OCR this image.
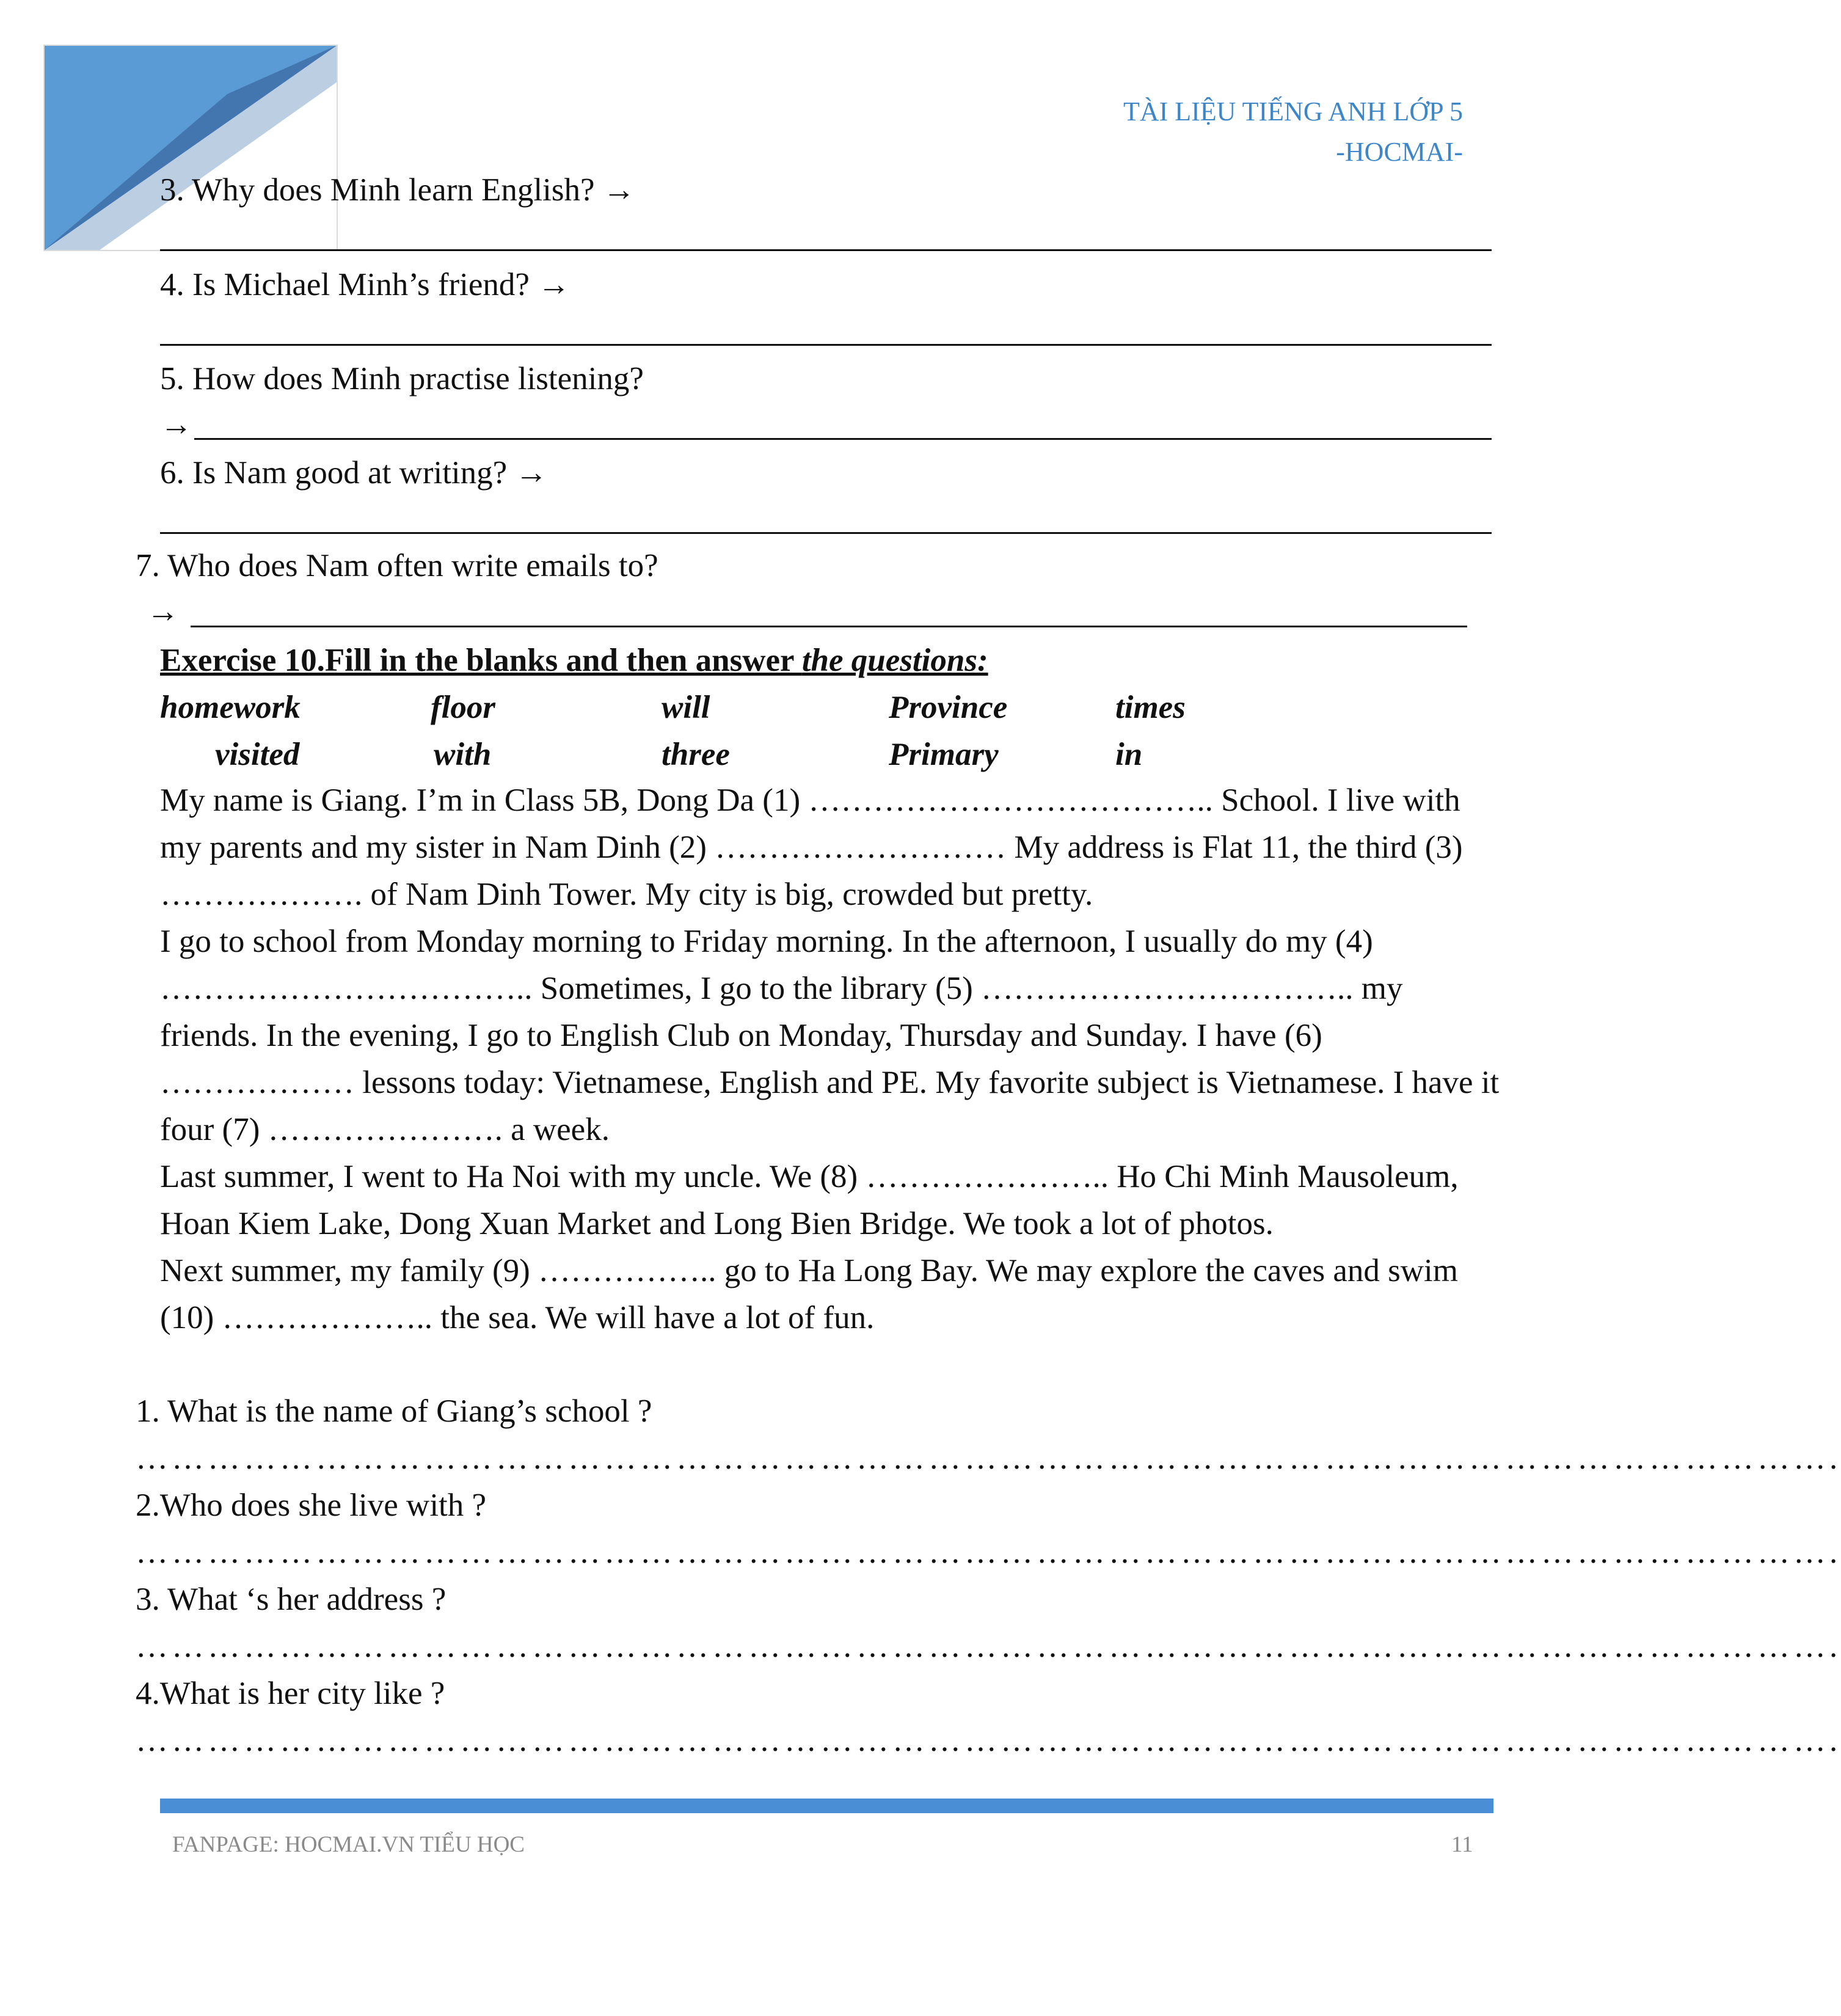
TÀI LIỆU TIẾNG ANH LỚP 5
-HOCMAI-
3. Why does Minh learn English? →
4. Is Michael Minh’s friend? →
5. How does Minh practise listening?
→
6. Is Nam good at writing? →
7. Who does Nam often write emails to?
→
Exercise 10.Fill in the blanks and then answer the questions:
homework	floor	will	Province	times
visited	with	three	Primary	in

My name is Giang. I’m in Class 5B, Dong Da (1) ……………………………….. School. I live with my parents and my sister in Nam Dinh (2) ……………………… My address is Flat 11, the third (3) ………………. of Nam Dinh Tower. My city is big, crowded but pretty.

I go to school from Monday morning to Friday morning. In the afternoon, I usually do my (4) …………………………….. Sometimes, I go to the library (5) …………………………….. my friends. In the evening, I go to English Club on Monday, Thursday and Sunday. I have (6) ……………… lessons today: Vietnamese, English and PE. My favorite subject is Vietnamese. I have it four (7) …………………. a week.

Last summer, I went to Ha Noi with my uncle. We (8) ………………….. Ho Chi Minh Mausoleum, Hoan Kiem Lake, Dong Xuan Market and Long Bien Bridge. We took a lot of photos.

Next summer, my family (9) …………….. go to Ha Long Bay. We may explore the caves and swim (10) ……………….. the sea. We will have a lot of fun.

1. What is the name of Giang’s school ?
…………………………………………………………………………………………………………………………….
2.Who does she live with ?
…………………………………………………………………………………………………………………………….
3. What ‘s her address ?
…………………………………………………………………………………………………………………………….
4.What is her city like ?
…………………………………………………………………………………………………………………………….
FANPAGE: HOCMAI.VN TIỂU HỌC	11
